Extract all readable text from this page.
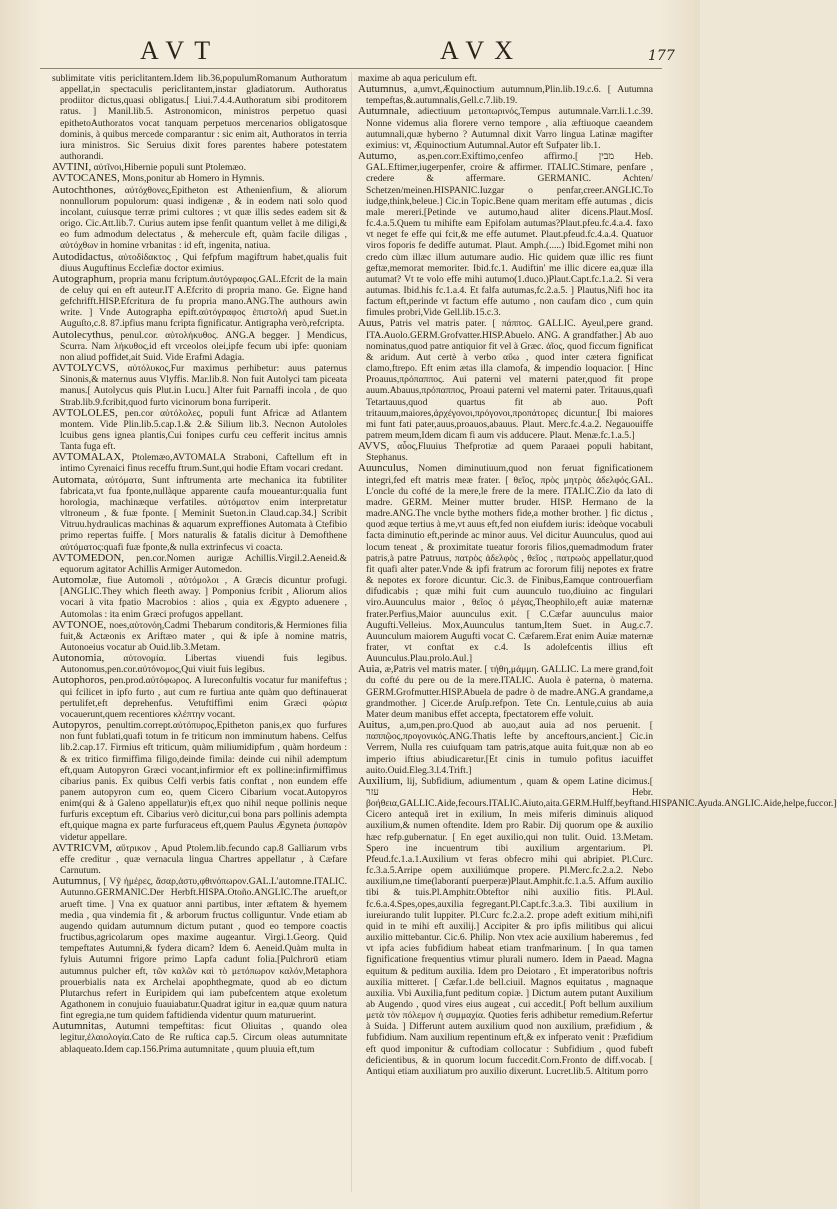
AVT	AVX	177

sublimitate vitis periclitantem.Idem lib.36,populumRomanum Authoratum appellat,in spectaculis periclitantem,instar gladiatorum. Authoratus prodiitor dictus,quasi obligatus.[ Liui.7.4.4.Authoratum sibi proditorem ratus. ] Manil.lib.5. Astronomicon, ministros perpetuo quasi epithetoAuthoratos vocat tanquam perpetuos mercenarios obligatosque dominis, à quibus mercede comparantur : sic enim ait, Authoratos in terria iura ministros. Sic Seruius dixit fores parentes habere potestatem authorandi.

AVTINI, αὐτῖνοι,Hibernie populi sunt Ptolemæo.

AVTOCANES, Mons,ponitur ab Homero in Hymnis.

Autochthones, αὐτόχθονες,Epitheton est Athenienfium, & aliorum nonnullorum populorum: quasi indigenæ , & in eodem nati solo quod incolant, cuiusque terræ primi cultores ; vt quæ illis sedes eadem sit & origo. Cic.Att.lib.7. Curius autem ipse fenſit quantum vellet à me diligi,& eo fum admodum delectatus , & mehercule eft, quàm facile diligas , αὐτόχθων in homine vrbanitas : id eft, ingenita, natiua.

Autodidactus, αὐτοδίδακτος , Qui fefpfum magiftrum habet,qualis fuit diuus Auguftinus Ecclefiæ doctor eximius.

Autographum, propria manu fcriptum.ἀυτόγραφος.GAL.Efcrit de la main de celuy qui en eft auteur.IT A.Efcrito di propria mano. Ge. Eigne hand gefchrifft.HISP.Efcritura de fu propria mano.ANG.The authours awin write. ] Vnde Autographa epift.αὐτόγραφος ἐπιστολή apud Suet.in Auguſto,c.8. 87.ipfius manu fcripta fignificatur. Antigrapha verò,refcripta.

Autolecythus, penul.cor. αὐτολήκυθος. ANG.A begger. ] Mendicus, Scurra. Nam λήκυθος,id eft vrceolos olei,ipfe fecum ubi ipfe: quoniam non aliud poffidet,ait Suid. Vide Erafmi Adagia.

AVTOLYCVS, αὐτόλυκος,Fur maximus perhibetur: auus paternus Sinonis,& maternus auus Vlyffis. Mar.lib.8. Non fuit Autolyci tam piceata manus.[ Autolycus quis Plut.in Lucu.] Alter fuit Parnaffi incola , de quo Strab.lib.9.fcribit,quod furto vicinorum bona furriperit.

AVTOLOLES, pen.cor αὐτόλολες, populi funt Africæ ad Atlantem montem. Vide Plin.lib.5.cap.1.& 2.& Silium lib.3. Necnon Autololes lcuibus gens ignea plantis,Cui fonipes curfu ceu cefferit incitus amnis Tanta fuga eft.

AVTOMALAX, Ptolemæo,AVTOMALA Straboni, Caftellum eft in intimo Cyrenaici finus receffu ftrum.Sunt,qui hodie Eftam vocari credant.

Automata, αὐτόματα, Sunt inftrumenta arte mechanica ita fubtiliter fabricata,vt fua fponte,nullàque apparente caufa moueantur:qualia funt horologia, machinæque verfatiles. αὐτόματον enim interpretatur vltroneum , & fuæ fponte. [ Meminit Sueton.in Claud.cap.34.] Scribit Vitruu.hydraulicas machinas & aquarum expreffiones Automata à Ctefibio primo repertas fuiffe. [ Mors naturalis & fatalis dicitur à Demofthene αὐτόματος:quafi fuæ fponte,& nulla extrinfecus vi coacta.

AVTOMEDON, pen.cor.Nomen aurigæ Achillis.Virgil.2.Aeneid.& equorum agitator Achillis Armiger Automedon.

Automolæ, fiue Automoli , αὐτόμολοι , A Græcis dicuntur profugi. [ANGLIC.They which fleeth away. ] Pomponius fcribit , Aliorum alios vocari à vita fpatio Macrobios : alios , quia ex Ægypto aduenere , Automolas : ita enim Græci profugos appellant.

AVTONOE, noes,αὐτονόη,Cadmi Thebarum conditoris,& Hermiones filia fuit,& Actæonis ex Ariftæo mater , qui & ipſe à nomine matris, Autonoeius vocatur ab Ouid.lib.3.Metam.

Autonomia, αὐτονομία. Libertas viuendi fuis legibus. Autonomus,pen.cor.αὐτόνομος,Qui viuit fuis legibus.

Autophoros, pen.prod.αὐτόφωρος. A Iureconfultis vocatur fur manifeftus ; qui fcilicet in ipfo furto , aut cum re furtiua ante quàm quo deftinauerat pertulifet,eft deprehenfus. Vetuftiffimi enim Græci φώρια vocauerunt,quem recentiores κλέπτην vocant.

Autopyros, penultim.corrept.αὐτόπυρος,Epitheton panis,ex quo furfures non funt fublati,quafi totum in fe triticum non imminutum habens. Celfus lib.2.cap.17. Firmius eft triticum, quàm miliumidipfum , quàm hordeum : & ex tritico firmiffima filigo,deinde fimila: deinde cui nihil ademptum eft,quam Autopyron Græci vocant,infirmior eft ex polline:infirmiffimus cibarius panis. Ex quibus Celfi verbis fatis conftat , non eundem effe panem autopyron cum eo, quem Cicero Cibarium vocat.Autopyros enim(qui & à Galeno appellatur)is eft,ex quo nihil neque pollinis neque furfuris exceptum eft. Cibarius verò dicitur,cui bona pars pollinis adempta eft,quique magna ex parte furfuraceus eft,quem Paulus Ægyneta ῥυπαρὸν videtur appellare.

AVTRICVM, αὔτρικον , Apud Ptolem.lib.fecundo cap.8 Galliarum vrbs effe creditur , quæ vernacula lingua Chartres appellatur , à Cæfare Carnutum.

Autumnus, [ Vỹ ἡμέρες, ἄσαρ,ἀστυ,φθινόπωρον.GAL.L'automne.ITALIC. Autunno.GERMANIC.Der Herbft.HISPA.Otoño.ANGLIC.The arueft,or arueft time. ] Vna ex quatuor anni partibus, inter æftatem & hyemem media , qua vindemia fit , & arborum fructus colliguntur. Vnde etiam ab augendo quidam autumnum dictum putant , quod eo tempore coactis fructibus,agricolarum opes maxime augeantur. Virgi.1.Georg. Quid tempeftates Autumni,& fydera dicam? Idem 6. Aeneid.Quàm multa in fyluis Autumni frigore primo Lapfa cadunt folia.[Pulchrorū etiam autumnus pulcher eft, τῶν καλῶν καὶ τὸ μετόπωρον καλόν,Metaphora prouerbialis nata ex Archelai apophthegmate, quod ab eo dictum Plutarchus refert in Euripidem qui iam pubefcentem atque exoletum Agathonem in conujuio fuauiabatur.Quadrat igitur in ea,quæ quum natura fint egregia,ne tum quidem faftidienda videntur quum maturuerint.

Autumnitas, Autumni tempeftitas: ficut Oliuitas , quando olea legitur,ἐλαιολογία.Cato de Re ruſtica cap.5. Circum oleas autumnitate ablaqueato.Idem cap.156.Prima autumnitate , quum pluuia eft,tum

maxime ab aqua periculum eft.

Autumnus, a,umvt,Æquinoctium autumnum,Plin.lib.19.c.6. [ Autumna tempeftas,&.autumnalis,Gell.c.7.lib.19.

Autumnale, adiectiuum μετοπωρινός,Tempus autumnale.Varr.li.1.c.39. Nonne videmus alia florere verno tempore , alia æftiuoque caeandem autumnali,quæ hyberno ? Autumnal dixit Varro lingua Latinæ magifter eximius: vt, Æquinoctium Autumnal.Autor eft Sufpater lib.1.

Autumo, as,pen.corr.Exiftimo,cenfeo affirmo.[ מבין Heb. GAL.Eftimer,iugerpenfer, croire & affirmer. ITALIC.Stimare, penfare , credere & affermare. GERMANIC. Achten/ Schetzen/meinen.HISPANIC.Iuzgar o penfar,creer.ANGLIC.To iudge,think,beleue.] Cic.in Topic.Bene quam meritam effe autumas , dicis male mereri.[Petinde ve autumo,haud aliter dicens.Plaut.Mosſ. fc.4.a.5.Quem tu mihifte eam Epifolam autumas?Plaut.pfeu.fc.4.a.4. faxo vt neget fe effe qui fcit,& me effe autumet. Plaut.pfeud.fc.4.a.4. Quatuor viros foporis fe dediffe autumat. Plaut. Amph.(.....) Ibid.Egomet mihi non credo cùm illæc illum autumare audio. Hic quidem quæ illic res fiunt geftæ,memorat memoriter. Ibid.fc.1. Audiftin' me illic dicere ea,quæ illa autumat? Vt te volo effe mihi autumo(1.duco.)Plaut.Capt.fc.1.a.2. Si vera autumas. Ibid.his fc.1.a.4. Et falfa autumas,fc.2.a.5. ] Plautus,Nifi hoc ita factum eft,perinde vt factum effe autumo , non caufam dico , cum quin fimules probri,Vide Gell.lib.15.c.3.

Auus, Patris vel matris pater. [ πάππος. GALLIC. Ayeul,pere grand. ITA.Auolo.GERM.Grofvatter.HISP.Abuelo. ANG. A grandfather.] Ab auo nominatus,quod patre antiquior fit vel à Græc. ἀῖος, quod ficcum fignificat & aridum. Aut certè à verbo αὔω , quod inter cætera fignificat clamo,ftrepo. Eft enim ætas illa clamofa, & impendio loquacior. [ Hinc Proauus,πρόπαππος. Aui paterni vel materni pater,quod fit prope auum.Abauus,πρόπαππος, Proaui paterni vel materni pater. Tritauus,quafi Tetartauus,quod quartus fit ab auo. Poft tritauum,maiores,ἀρχέγονοι,πρόγονοι,προπάτορες dicuntur.[ Ibi maiores mi funt fati pater,auus,proauos,abauus. Plaut. Merc.fc.4.a.2. Negauouiffe patrem meum,Idem dicam fi aum vis adducere. Plaut. Menæ.fc.1.a.5.]

AVVS, αὖος,Fluuius Thefprotiæ ad quem Paraaei populi habitant, Stephanus.

Auunculus, Nomen diminutiuum,quod non feruat fignificationem integri,fed eft matris meæ frater. [ θεῖος, πρὸς μητρὸς ἀδελφός.GAL. L'oncle du cofté de la mere,le frere de la mere. ITALIC.Zio da lato di madre. GERM. Meiner mutter bruder. HISP. Hermano de la madre.ANG.The vncle bythe mothers fide,a mother brother. ] fic dictus , quod æque tertius à me,vt auus eft,fed non eiufdem iuris: ideòque vocabuli facta diminutio eft,perinde ac minor auus. Vel dicitur Auunculus, quod aui locum teneat , & proximitate tueatur fororis filios,quemadmodum frater patris,à patre Patruus, πατρὸς ἀδελφὸς , θεῖος , πατρωὸς appellatur,quod fit quafi alter pater.Vnde & ipfi fratrum ac fororum filij nepotes ex fratre & nepotes ex forore dicuntur. Cic.3. de Finibus,Eamque controuerfiam difudicabis ; quæ mihi fuit cum auunculo tuo,diuino ac fingulari viro.Auunculus maior , θεῖος ὁ μέγας,Theophilo,eft auiæ maternæ frater.Perfius,Maior auunculus exit. [ C.Cæfar auunculus maior Augufti.Velleius. Mox,Auunculus tantum,Item Suet. in Aug.c.7. Auunculum maiorem Augufti vocat C. Cæfarem.Erat enim Auiæ maternæ frater, vt conftat ex c.4. Is adolefcentis illius eft Auunculus.Plau.prolo.Aul.]

Auia, æ,Patris vel matris mater. [ τήθη,μάμμη. GALLIC. La mere grand,foit du cofté du pere ou de la mere.ITALIC. Auola è paterna, ò materna. GERM.Grofmutter.HISP.Abuela de padre ò de madre.ANG.A grandame,a grandmother. ] Cicer.de Aruſp.refpon. Tete Cn. Lentule,cuius ab auia Mater deum manibus effet accepta, fpectatorem effe voluit.

Auitus, a,um,pen.pro.Quod ab auo,aut auia ad nos peruenit. [ παππῷος,προγονικός.ANG.Thatis lefte by anceftours,ancient.] Cic.in Verrem, Nulla res cuiufquam tam patris,atque auita fuit,quæ non ab eo imperio iftius abiudicaretur.[Et cinis in tumulo pofitus iacuiffet auito.Ouid.Eleg.3.l.4.Trift.]

Auxilium, lij, Subfidium, adiumentum , quam & opem Latine dicimus.[ עזר Hebr. βοήθεια,GALLIC.Aide,fecours.ITALIC.Aiuto,aita.GERM.Hulff,beyftand.HISPANIC.Ayuda.ANGLIC.Aide,helpe,fuccor.] Cicero antequã iret in exilium, In meis miferis diminuis aliquod auxilium,& numen oftendite. Idem pro Rabir. Dij quorum ope & auxilio hæc refp.gubernatur. [ En eget auxilio,qui non tulit. Ouid. 13.Metam. Spero ine incuentrum tibi auxilium argentarium. Pl. Pfeud.fc.1.a.1.Auxilium vt feras obfecro mihi qui abripiet. Pl.Curc. fc.3.a.5.Arripe opem auxiliúmque propere. Pl.Merc.fc.2.a.2. Nebo auxilium,ne time(laborantí puerperæ)Plaut.Amphit.fc.1.a.5. Affum auxilio tibi & tuis.Pl.Amphitr.Obteftor nihi auxilio fitis. Pl.Aul. fc.6.a.4.Spes,opes,auxilia fegregant.Pl.Capt.fc.3.a.3. Tibi auxilium in iureiurando tulit Iuppiter. Pl.Curc fc.2.a.2. prope adeft exitium mihi,nifi quid in te mihi eft auxilij.] Accipiter & pro ipfis militibus qui alicui auxilio mittebantur. Cic.6. Philip. Non vtex acie auxilium haberemus , fed vt ipfa acies fubfidium habeat etiam tranfmarinum. [ In qua tamen fignificatione frequentius vtimur plurali numero. Idem in Paead. Magna equitum & peditum auxilia. Idem pro Deiotaro , Et imperatoribus noftris auxilia mitteret. [ Cæfar.1.de bell.ciuil. Magnos equitatus , magnaque auxilia. Vbi Auxilia,funt peditum copiæ. ] Dictum autem putant Auxilium ab Augendo , quod vires eius augeat , cui accedit.[ Poft bellum auxilium μετὰ τὸν πόλεμον ἡ συμμαχία. Quoties feris adhibetur remedium.Refertur à Suida. ] Differunt autem auxilium quod non auxilium, præfidium , & fubfidium. Nam auxilium repentinum eft,& ex infperato venit : Præfidium eft quod imponitur & cuftodiam collocatur : Subfidium , quod fubeft deficientibus, & in quorum locum fuccedit.Corn.Fronto de diff.vocab. [ Antiqui etiam auxiliatum pro auxilio dixerunt. Lucret.lib.5. Altitum porro
